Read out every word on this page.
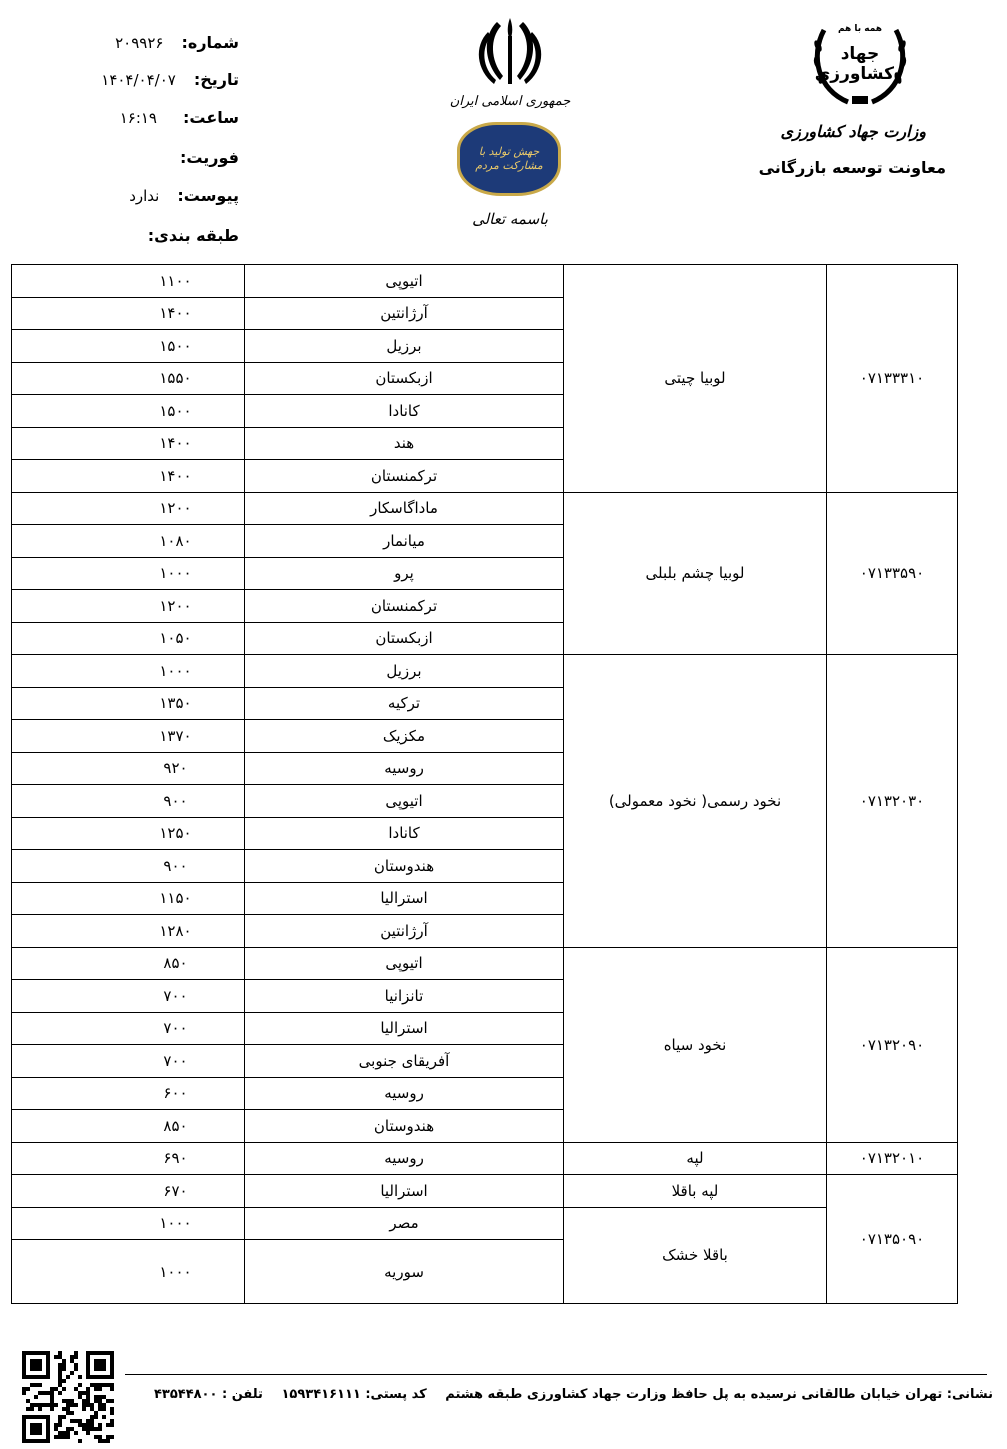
شماره:۲۰۹۹۲۶
تاریخ:۱۴۰۴/۰۴/۰۷
ساعت:۱۶:۱۹
فوریت:
پیوست:ندارد
طبقه بندی:
جمهوری اسلامی ایران
جهش تولید با مشارکت مردم
باسمه تعالی
همه با هم
جهاد کشاورزی
وزارت جهاد کشاورزی
معاونت توسعه بازرگانی
۰۷۱۳۳۳۱۰	لوبیا چیتی	اتیوپی	۱۱۰۰
		آرژانتین	۱۴۰۰
		برزیل	۱۵۰۰
		ازبکستان	۱۵۵۰
		کانادا	۱۵۰۰
		هند	۱۴۰۰
		ترکمنستان	۱۴۰۰
۰۷۱۳۳۵۹۰	لوبیا چشم بلبلی	ماداگاسکار	۱۲۰۰
		میانمار	۱۰۸۰
		پرو	۱۰۰۰
		ترکمنستان	۱۲۰۰
		ازبکستان	۱۰۵۰
۰۷۱۳۲۰۳۰	نخود رسمی( نخود معمولی)	برزیل	۱۰۰۰
		ترکیه	۱۳۵۰
		مکزیک	۱۳۷۰
		روسیه	۹۲۰
		اتیوپی	۹۰۰
		کانادا	۱۲۵۰
		هندوستان	۹۰۰
		استرالیا	۱۱۵۰
		آرژانتین	۱۲۸۰
۰۷۱۳۲۰۹۰	نخود سیاه	اتیوپی	۸۵۰
		تانزانیا	۷۰۰
		استرالیا	۷۰۰
		آفریقای جنوبی	۷۰۰
		روسیه	۶۰۰
		هندوستان	۸۵۰
۰۷۱۳۲۰۱۰	لپه	روسیه	۶۹۰
۰۷۱۳۵۰۹۰	لپه باقلا	استرالیا	۶۷۰
	باقلا خشک	مصر	۱۰۰۰
		سوریه	۱۰۰۰
نشانی: تهران خیابان طالقانی نرسیده به پل حافظ وزارت جهاد کشاورزی طبقه هشتم کد پستی: ۱۵۹۳۴۱۶۱۱۱ تلفن : ۴۳۵۴۴۸۰۰
